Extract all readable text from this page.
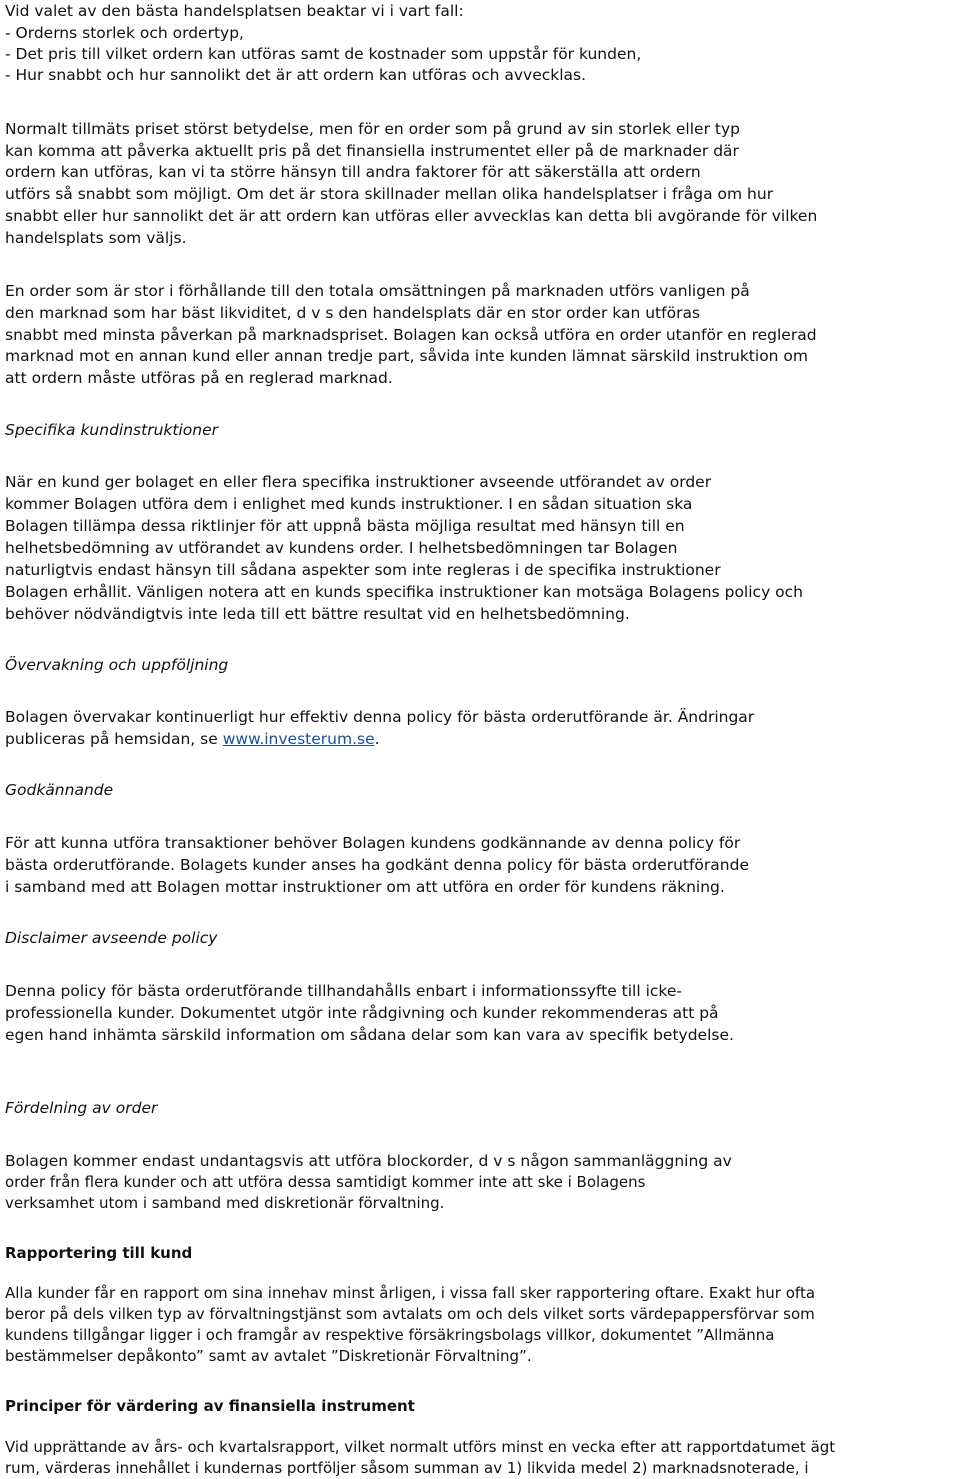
Vid valet av den bästa handelsplatsen beaktar vi i vart fall:
- Orderns storlek och ordertyp,
- Det pris till vilket ordern kan utföras samt de kostnader som uppstår för kunden,
- Hur snabbt och hur sannolikt det är att ordern kan utföras och avvecklas.
Normalt tillmäts priset störst betydelse, men för en order som på grund av sin storlek eller typ
kan komma att påverka aktuellt pris på det finansiella instrumentet eller på de marknader där
ordern kan utföras, kan vi ta större hänsyn till andra faktorer för att säkerställa att ordern
utförs så snabbt som möjligt. Om det är stora skillnader mellan olika handelsplatser i fråga om hur
snabbt eller hur sannolikt det är att ordern kan utföras eller avvecklas kan detta bli avgörande för vilken
handelsplats som väljs.
En order som är stor i förhållande till den totala omsättningen på marknaden utförs vanligen på
den marknad som har bäst likviditet, d v s den handelsplats där en stor order kan utföras
snabbt med minsta påverkan på marknadspriset. Bolagen kan också utföra en order utanför en reglerad
marknad mot en annan kund eller annan tredje part, såvida inte kunden lämnat särskild instruktion om
att ordern måste utföras på en reglerad marknad.
Specifika kundinstruktioner
När en kund ger bolaget en eller flera specifika instruktioner avseende utförandet av order
kommer Bolagen utföra dem i enlighet med kunds instruktioner. I en sådan situation ska
Bolagen tillämpa dessa riktlinjer för att uppnå bästa möjliga resultat med hänsyn till en
helhetsbedömning av utförandet av kundens order. I helhetsbedömningen tar Bolagen
naturligtvis endast hänsyn till sådana aspekter som inte regleras i de specifika instruktioner
Bolagen erhållit. Vänligen notera att en kunds specifika instruktioner kan motsäga Bolagens policy och
behöver nödvändigtvis inte leda till ett bättre resultat vid en helhetsbedömning.
Övervakning och uppföljning
Bolagen övervakar kontinuerligt hur effektiv denna policy för bästa orderutförande är. Ändringar
publiceras på hemsidan, se www.investerum.se.
Godkännande
För att kunna utföra transaktioner behöver Bolagen kundens godkännande av denna policy för
bästa orderutförande. Bolagets kunder anses ha godkänt denna policy för bästa orderutförande
i samband med att Bolagen mottar instruktioner om att utföra en order för kundens räkning.
Disclaimer avseende policy
Denna policy för bästa orderutförande tillhandahålls enbart i informationssyfte till icke-
professionella kunder. Dokumentet utgör inte rådgivning och kunder rekommenderas att på
egen hand inhämta särskild information om sådana delar som kan vara av specifik betydelse.
Fördelning av order
Bolagen kommer endast undantagsvis att utföra blockorder, d v s någon sammanläggning av
order från flera kunder och att utföra dessa samtidigt kommer inte att ske i Bolagens
verksamhet utom i samband med diskretionär förvaltning.
Rapportering till kund
Alla kunder får en rapport om sina innehav minst årligen, i vissa fall sker rapportering oftare. Exakt hur ofta
beror på dels vilken typ av förvaltningstjänst som avtalats om och dels vilket sorts värdepappersförvar som
kundens tillgångar ligger i och framgår av respektive försäkringsbolags villkor, dokumentet ”Allmänna
bestämmelser depåkonto” samt av avtalet ”Diskretionär Förvaltning”.
Principer för värdering av finansiella instrument
Vid upprättande av års- och kvartalsrapport, vilket normalt utförs minst en vecka efter att rapportdatumet ägt
rum, värderas innehållet i kundernas portföljer såsom summan av 1) likvida medel 2) marknadsnoterade, i
